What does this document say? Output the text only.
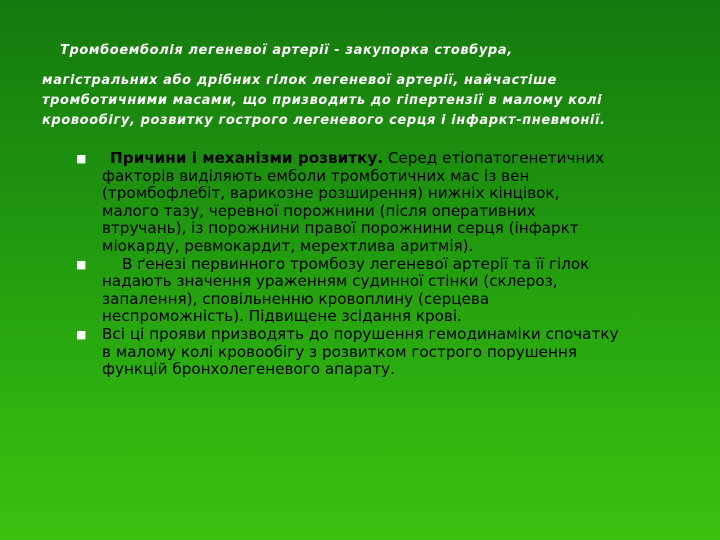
Тромбоемболія легеневої артерії - закупорка стовбура,
магістральних або дрібних гілок легеневої артерії, найчастіше
тромботичними масами, що призводить до гіпертензії в малому колі
кровообігу, розвитку гострого легеневого серця і інфаркт-пневмонії.
■	Причини і механізми розвитку. Серед етіопатогенетичних
факторів виділяють емболи тромботичних мас із вен
(тромбофлебіт, варикозне розширення) нижніх кінцівок,
малого тазу, черевної порожнини (після оперативних
втручань), із порожнини правої порожнини серця (інфаркт
міокарду, ревмокардит, мерехтлива аритмія).
■	В ґенезі первинного тромбозу легеневої артерії та її гілок
надають значення ураженням судинної стінки (склероз,
запалення), сповільненню кровоплину (серцева
неспроможність). Підвищене зсідання крові.
■ Всі ці прояви призводять до порушення гемодинаміки спочатку
в малому колі кровообігу з розвитком гострого порушення
функцій бронхолегеневого апарату.
